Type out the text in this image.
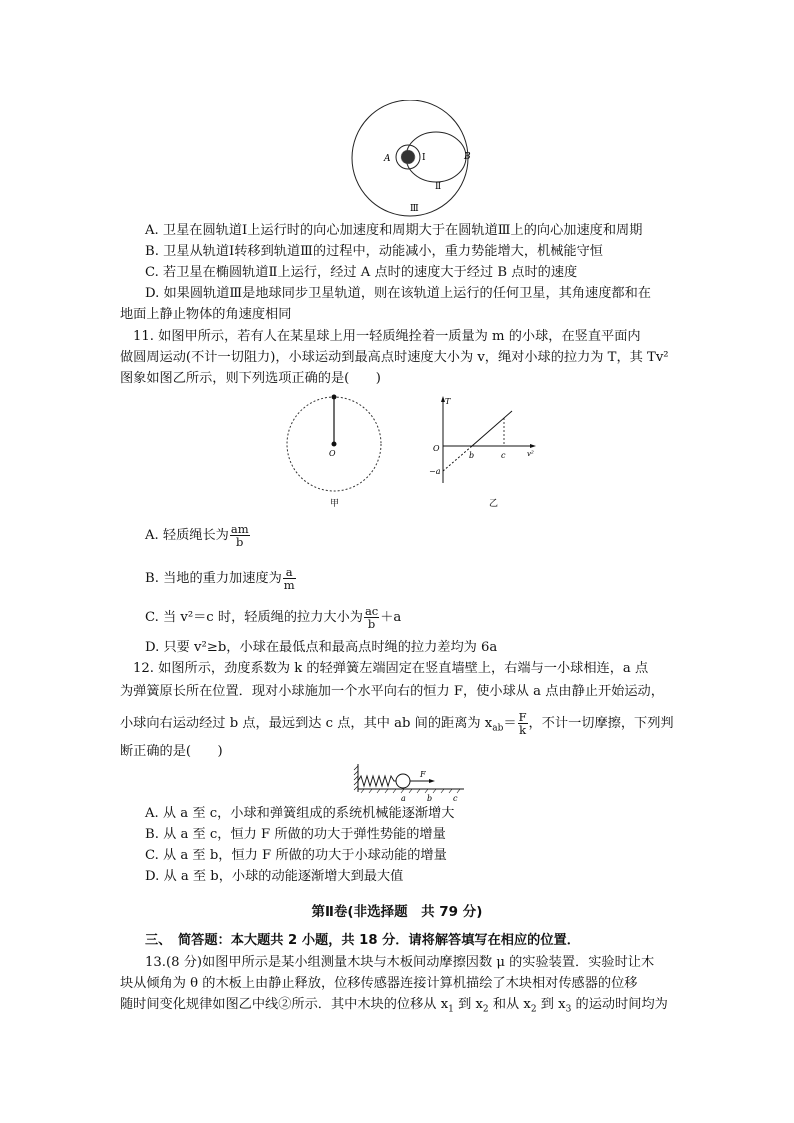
A	B
Ⅰ
Ⅱ
Ⅲ
A. 卫星在圆轨道Ⅰ上运行时的向心加速度和周期大于在圆轨道Ⅲ上的向心加速度和周期
B. 卫星从轨道Ⅰ转移到轨道Ⅲ的过程中，动能减小，重力势能增大，机械能守恒
C. 若卫星在椭圆轨道Ⅱ上运行，经过 A 点时的速度大于经过 B 点时的速度
D. 如果圆轨道Ⅲ是地球同步卫星轨道，则在该轨道上运行的任何卫星，其角速度都和在
地面上静止物体的角速度相同
11. 如图甲所示，若有人在某星球上用一轻质绳拴着一质量为 m 的小球，在竖直平面内
做圆周运动(不计一切阻力)，小球运动到最高点时速度大小为 v，绳对小球的拉力为 T，其 Tv²
图象如图乙所示，则下列选项正确的是(　　)
O
甲
T
O
−a
b	c	v²
乙
A. 轻质绳长为 $\frac{am}{b}$
B. 当地的重力加速度为 $\frac{a}{m}$
C. 当 v²＝c 时，轻质绳的拉力大小为 $\frac{ac}{b} +a$
D. 只要 v²≥b，小球在最低点和最高点时绳的拉力差均为 6a
12. 如图所示，劲度系数为 k 的轻弹簧左端固定在竖直墙壁上，右端与一小球相连，a 点
为弹簧原长所在位置．现对小球施加一个水平向右的恒力 F，使小球从 a 点由静止开始运动，
小球向右运动经过 b 点，最远到达 c 点，其中 ab 间的距离为 $x_{ab}= \frac{F}{k}$ ，不计一切摩擦，下列判
断正确的是(　　)
F
a	b	c
A. 从 a 至 c，小球和弹簧组成的系统机械能逐渐增大
B. 从 a 至 c，恒力 F 所做的功大于弹性势能的增量
C. 从 a 至 b，恒力 F 所做的功大于小球动能的增量
D. 从 a 至 b，小球的动能逐渐增大到最大值
第Ⅱ卷(非选择题　共 79 分)
三、　简答题：本大题共 2 小题，共 18 分．请将解答填写在相应的位置．
13.(8 分)如图甲所示是某小组测量木块与木板间动摩擦因数 μ 的实验装置．实验时让木
块从倾角为 θ 的木板上由静止释放，位移传感器连接计算机描绘了木块相对传感器的位移
随时间变化规律如图乙中线②所示．其中木块的位移从 $x_1$ 到 $x_2$ 和从 $x_2$ 到 $x_3$ 的运动时间均为
